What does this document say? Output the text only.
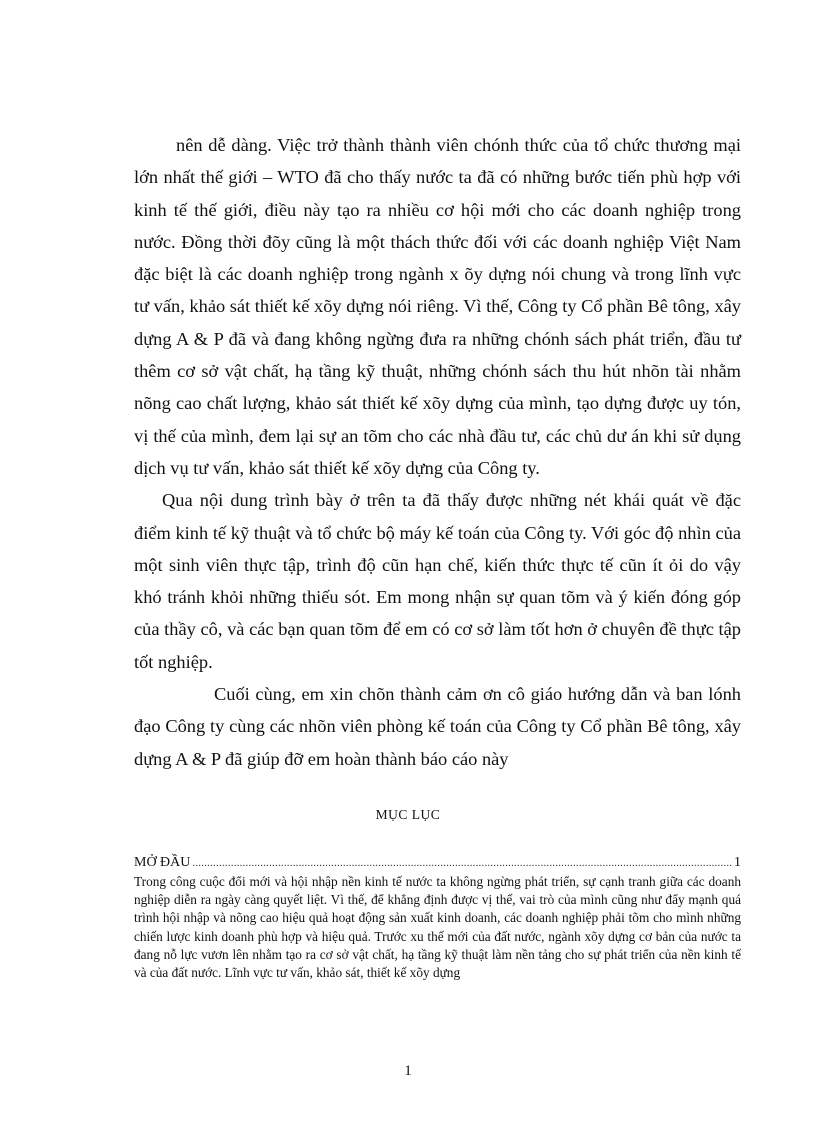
nên dễ dàng. Việc trở thành thành viên chónh thức của tổ chức thương mại lớn nhất thế giới – WTO đã cho thấy nước ta đã có những bước tiến phù hợp với kinh tế thế giới, điều này tạo ra nhiều cơ hội mới cho các doanh nghiệp trong nước. Đồng thời đõy cũng là một thách thức đối với các doanh nghiệp Việt Nam đặc biệt là các doanh nghiệp trong ngành x õy dựng nói chung và trong lĩnh vực tư vấn, khảo sát thiết kế xõy dựng nói riêng. Vì thế, Công ty Cổ phần Bê tông, xây dựng A & P đã và đang không ngừng đưa ra những chónh sách phát triển, đầu tư thêm cơ sở vật chất, hạ tầng kỹ thuật, những chónh sách thu hút nhõn tài nhằm nõng cao chất lượng, khảo sát thiết kế xõy dựng của mình, tạo dựng được uy tón, vị thế của mình, đem lại sự an tõm cho các nhà đầu tư, các chủ dư án khi sử dụng dịch vụ tư vấn, khảo sát thiết kế xõy dựng của Công ty.

Qua nội dung trình bày ở trên ta đã thấy được những nét khái quát về đặc điểm kinh tế kỹ thuật và tổ chức bộ máy kế toán của Công ty. Với góc độ nhìn của một sinh viên thực tập, trình độ cũn hạn chế, kiến thức thực tế cũn ít ỏi do vậy khó tránh khỏi những thiếu sót. Em mong nhận sự quan tõm và ý kiến đóng góp của thầy cô, và các bạn quan tõm để em có cơ sở làm tốt hơn ở chuyên đề thực tập tốt nghiệp.

Cuối cùng, em xin chõn thành cảm ơn cô giáo hướng dẫn và ban lónh đạo Công ty cùng các nhõn viên phòng kế toán của Công ty Cổ phần Bê tông, xây dựng A & P đã giúp đỡ em hoàn thành báo cáo này

MỤC LỤC
MỞ ĐẦU
.....	1

Trong công cuộc đổi mới và hội nhập nền kinh tế nước ta không ngừng phát triển, sự cạnh tranh giữa các doanh nghiệp diễn ra ngày càng quyết liệt. Vì thế, để khẳng định được vị thế, vai trò của mình cũng như đẩy mạnh quá trình hội nhập và nõng cao hiệu quả hoạt động sản xuất kinh doanh, các doanh nghiệp phải tõm cho mình những chiến lược kinh doanh phù hợp và hiệu quả. Trước xu thế mới của đất nước, ngành xõy dựng cơ bản của nước ta đang nỗ lực vươn lên nhằm tạo ra cơ sở vật chất, hạ tầng kỹ thuật làm nền tảng cho sự phát triển của nền kinh tế và của đất nước. Lĩnh vực tư vấn, khảo sát, thiết kế xõy dựng

1
